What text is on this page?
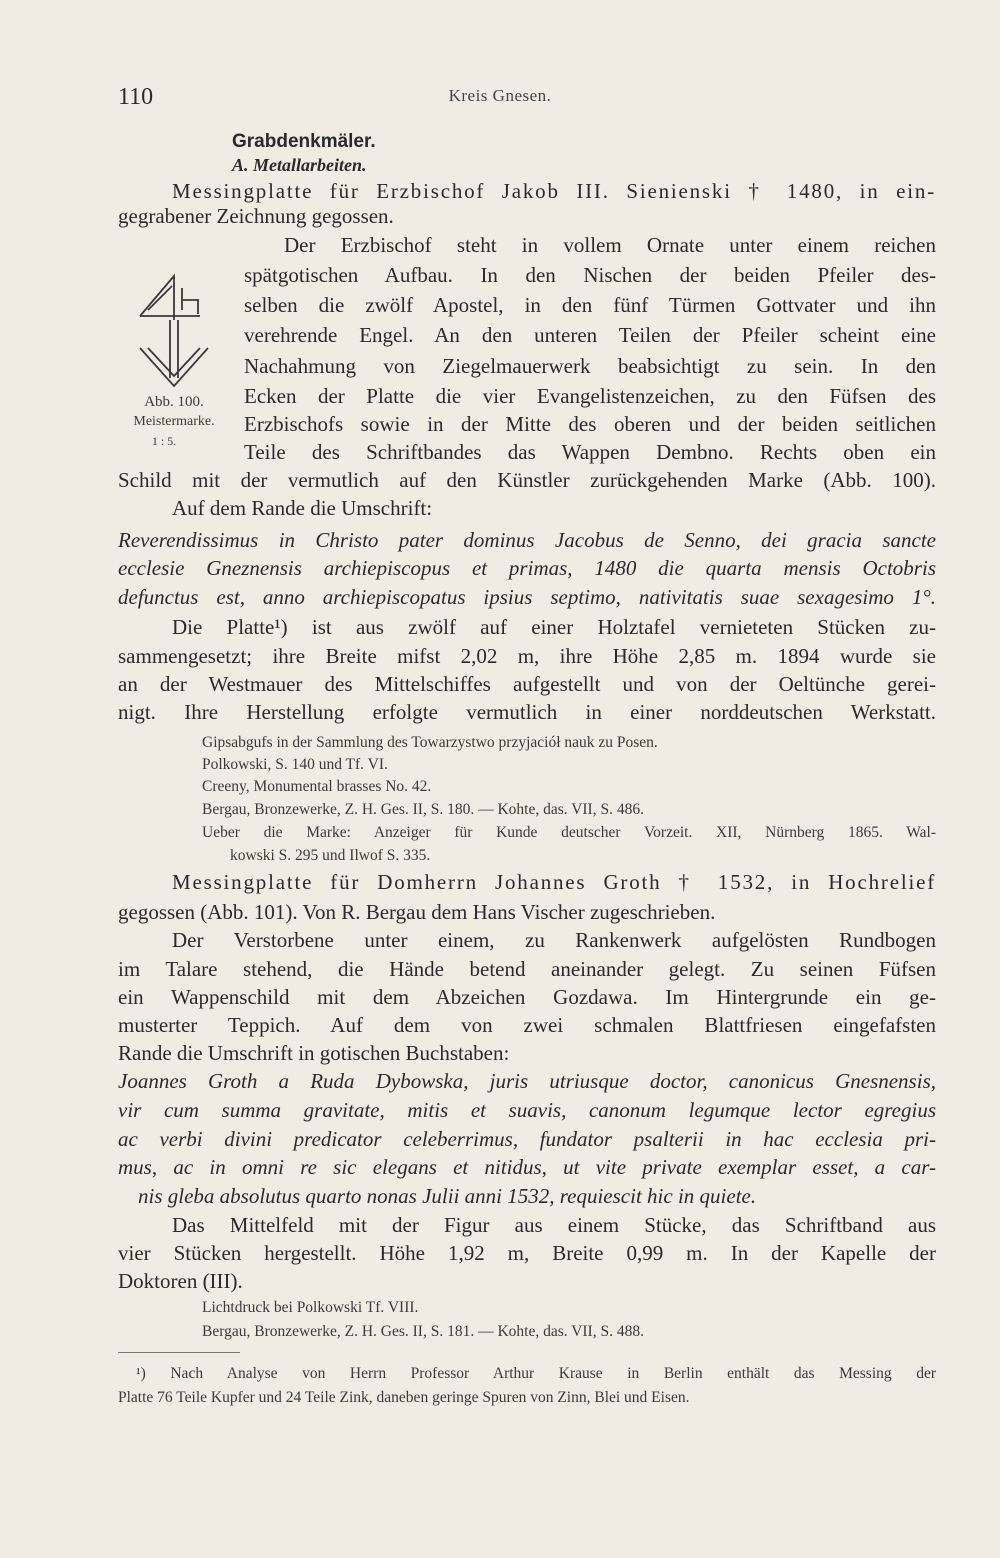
110	Kreis Gnesen.
Grabdenkmäler.
A. Metallarbeiten.
Messingplatte für Erzbischof Jakob III. Sienienski † 1480, in ein-
gegrabener Zeichnung gegossen.
Abb. 100.
Meistermarke.
1 : 5.
Der Erzbischof steht in vollem Ornate unter einem reichen
spätgotischen Aufbau. In den Nischen der beiden Pfeiler des-
selben die zwölf Apostel, in den fünf Türmen Gottvater und ihn
verehrende Engel. An den unteren Teilen der Pfeiler scheint eine
Nachahmung von Ziegelmauerwerk beabsichtigt zu sein. In den
Ecken der Platte die vier Evangelistenzeichen, zu den Füfsen des
Erzbischofs sowie in der Mitte des oberen und der beiden seitlichen
Teile des Schriftbandes das Wappen Dembno. Rechts oben ein
Schild mit der vermutlich auf den Künstler zurückgehenden Marke (Abb. 100).
Auf dem Rande die Umschrift:
Reverendissimus in Christo pater dominus Jacobus de Senno, dei gracia sancte
ecclesie Gneznensis archiepiscopus et primas, 1480 die quarta mensis Octobris
defunctus est, anno archiepiscopatus ipsius septimo, nativitatis suae sexagesimo 1°.
Die Platte¹) ist aus zwölf auf einer Holztafel vernieteten Stücken zu-
sammengesetzt; ihre Breite mifst 2,02 m, ihre Höhe 2,85 m. 1894 wurde sie
an der Westmauer des Mittelschiffes aufgestellt und von der Oeltünche gerei-
nigt. Ihre Herstellung erfolgte vermutlich in einer norddeutschen Werkstatt.
Gipsabgufs in der Sammlung des Towarzystwo przyjaciół nauk zu Posen.
Polkowski, S. 140 und Tf. VI.
Creeny, Monumental brasses No. 42.
Bergau, Bronzewerke, Z. H. Ges. II, S. 180. — Kohte, das. VII, S. 486.
Ueber die Marke: Anzeiger für Kunde deutscher Vorzeit. XII, Nürnberg 1865. Wal-
kowski S. 295 und Ilwof S. 335.
Messingplatte für Domherrn Johannes Groth † 1532, in Hochrelief
gegossen (Abb. 101). Von R. Bergau dem Hans Vischer zugeschrieben.
Der Verstorbene unter einem, zu Rankenwerk aufgelösten Rundbogen
im Talare stehend, die Hände betend aneinander gelegt. Zu seinen Füfsen
ein Wappenschild mit dem Abzeichen Gozdawa. Im Hintergrunde ein ge-
musterter Teppich. Auf dem von zwei schmalen Blattfriesen eingefafsten
Rande die Umschrift in gotischen Buchstaben:
Joannes Groth a Ruda Dybowska, juris utriusque doctor, canonicus Gnesnensis,
vir cum summa gravitate, mitis et suavis, canonum legumque lector egregius
ac verbi divini predicator celeberrimus, fundator psalterii in hac ecclesia pri-
mus, ac in omni re sic elegans et nitidus, ut vite private exemplar esset, a car-
nis gleba absolutus quarto nonas Julii anni 1532, requiescit hic in quiete.
Das Mittelfeld mit der Figur aus einem Stücke, das Schriftband aus
vier Stücken hergestellt. Höhe 1,92 m, Breite 0,99 m. In der Kapelle der
Doktoren (III).
Lichtdruck bei Polkowski Tf. VIII.
Bergau, Bronzewerke, Z. H. Ges. II, S. 181. — Kohte, das. VII, S. 488.
¹) Nach Analyse von Herrn Professor Arthur Krause in Berlin enthält das Messing der
Platte 76 Teile Kupfer und 24 Teile Zink, daneben geringe Spuren von Zinn, Blei und Eisen.
